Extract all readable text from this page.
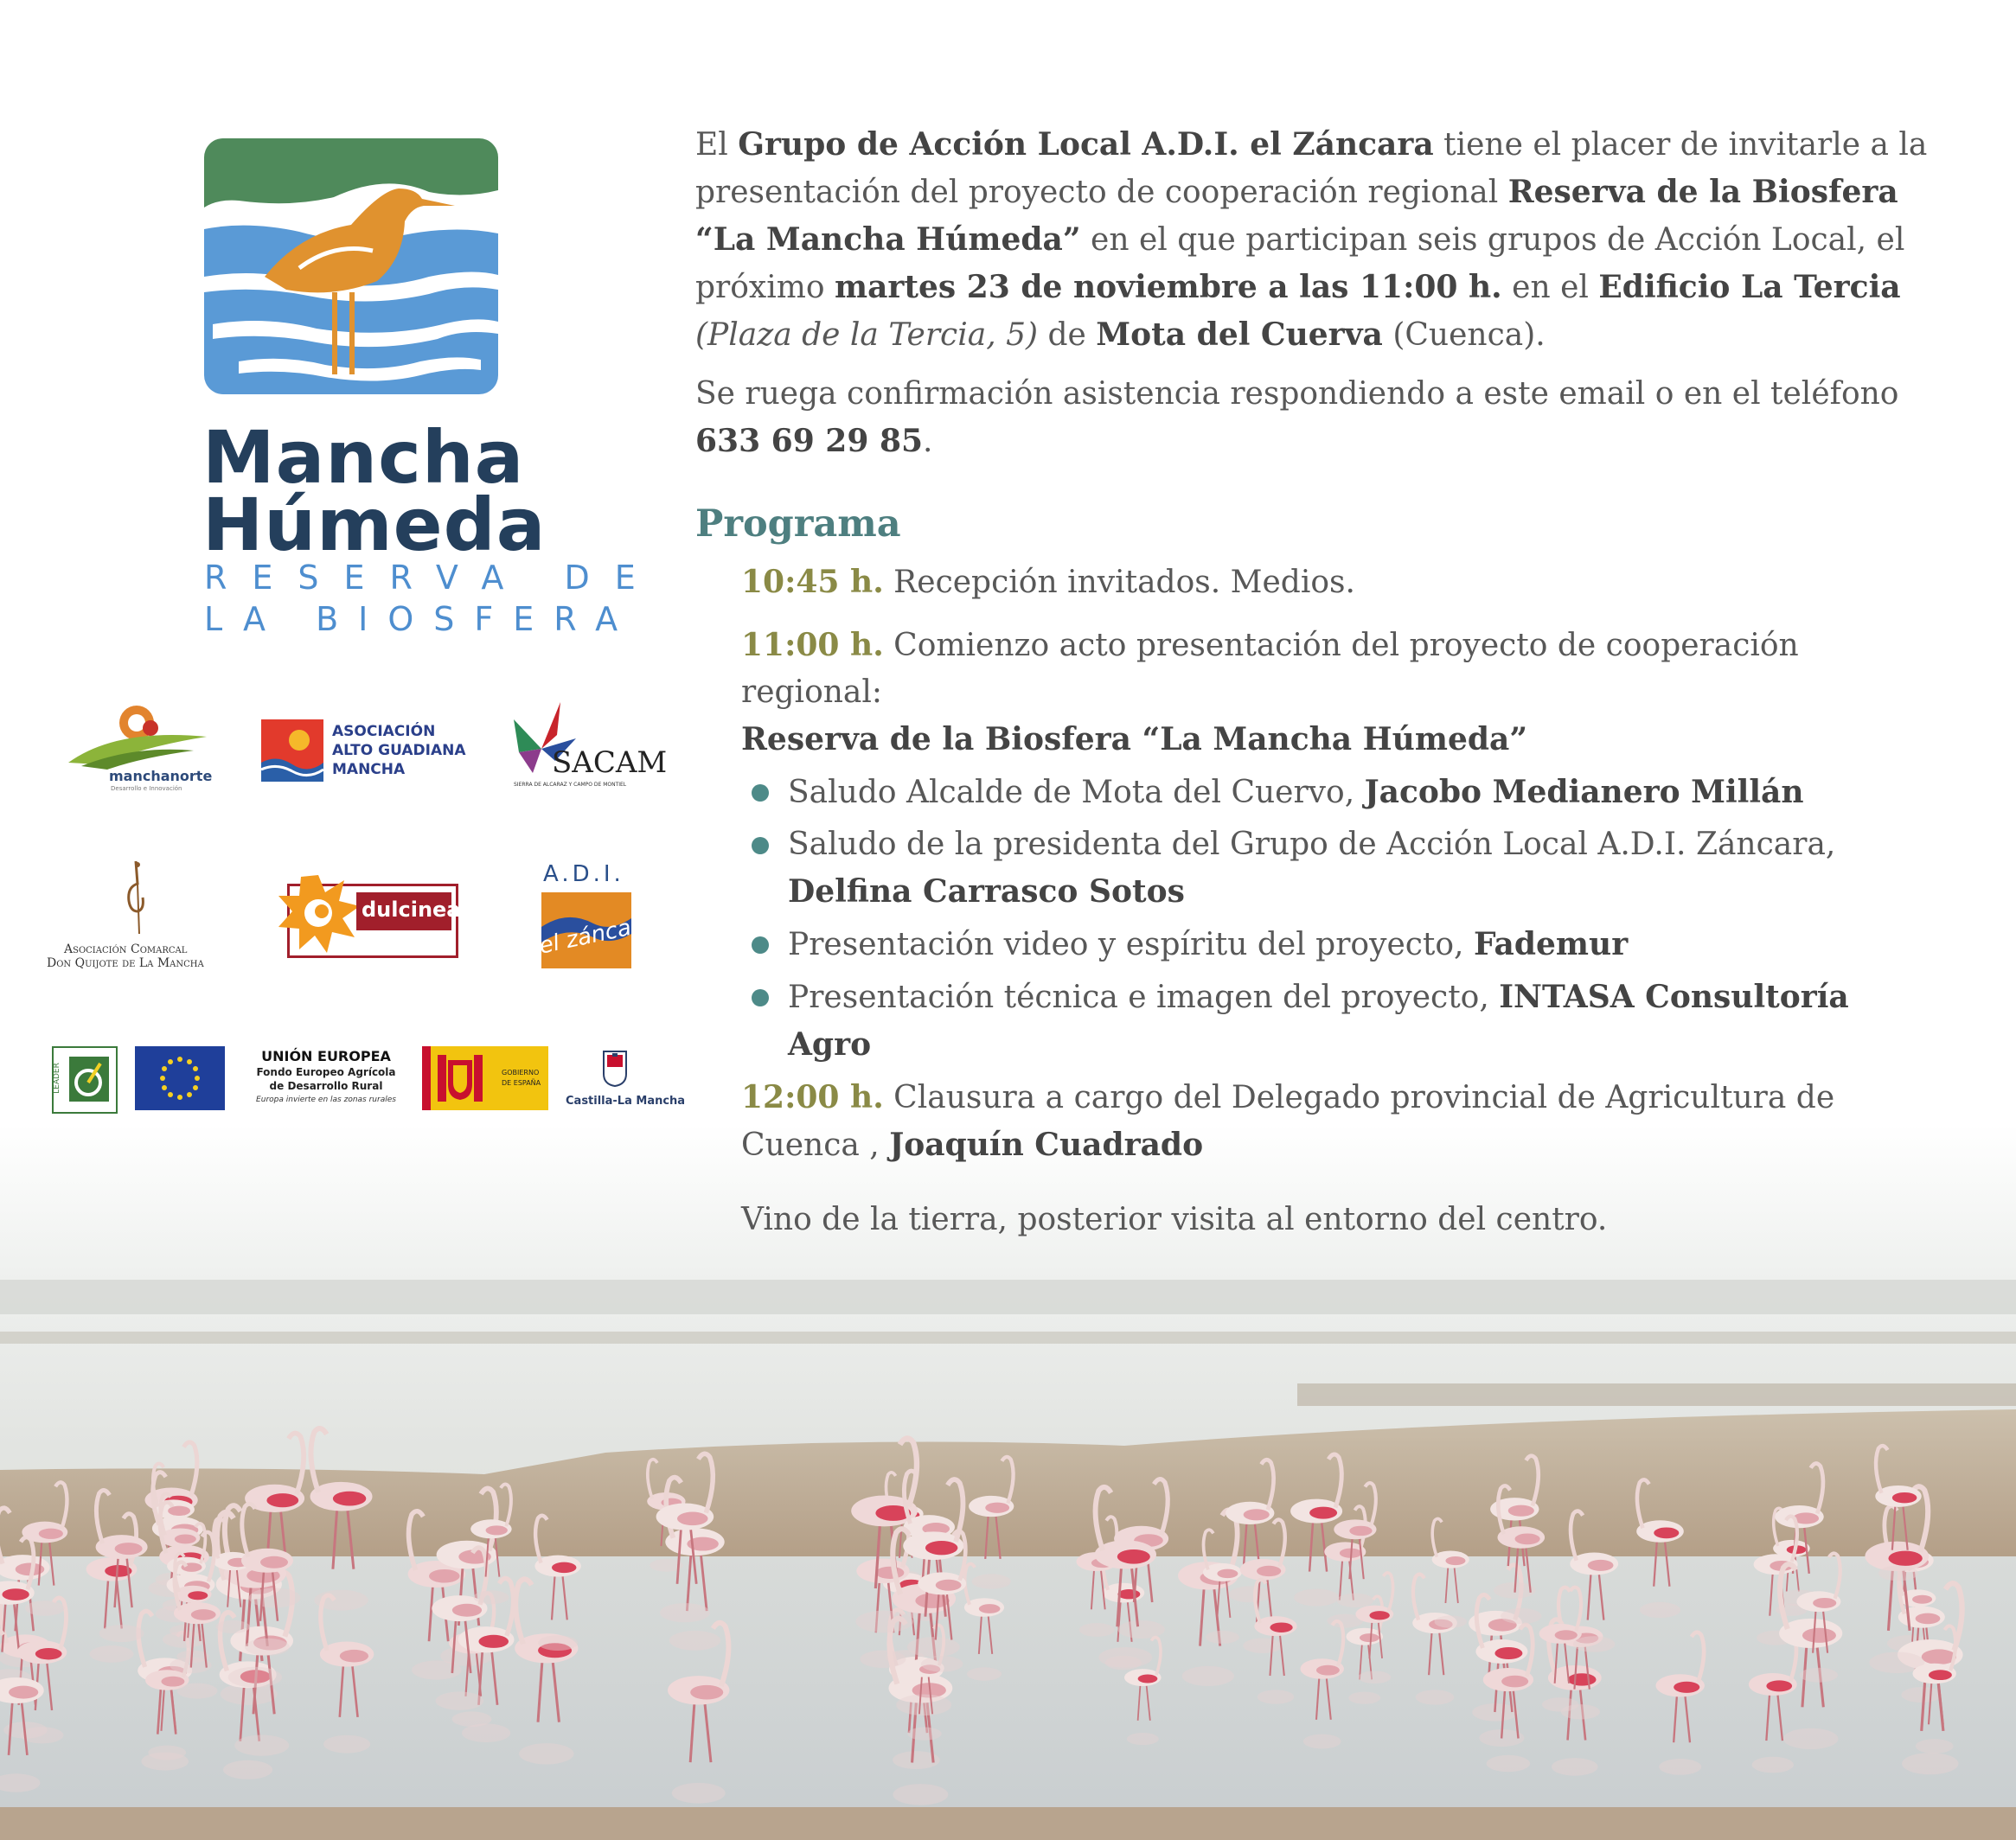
Mancha
Húmeda
RESERVA DE
LA BIOSFERA
manchanorte
Desarrollo e Innovación
ASOCIACIÓN
ALTO GUADIANA
MANCHA	SACAM
SIERRA DE ALCARAZ Y CAMPO DE MONTIEL
Asociación Comarcal
Don Quijote de La Mancha
dulcinea
A.D.I.
el záncara
LEADER
UNIÓN EUROPEA
Fondo Europeo Agrícola
de Desarrollo Rural
Europa invierte en las zonas rurales
GOBIERNO
DE ESPAÑA
Castilla-La Mancha

El Grupo de Acción Local A.D.I. el Záncara tiene el placer de invitarle a la presentación del proyecto de cooperación regional Reserva de la Biosfera “La Mancha Húmeda” en el que participan seis grupos de Acción Local, el próximo martes 23 de noviembre a las 11:00 h. en el Edificio La Tercia (Plaza de la Tercia, 5) de Mota del Cuerva (Cuenca).

Se ruega confirmación asistencia respondiendo a este email o en el teléfono 633 69 29 85.

Programa

10:45 h. Recepción invitados. Medios.

11:00 h. Comienzo acto presentación del proyecto de cooperación regional:

Reserva de la Biosfera “La Mancha Húmeda”

Saludo Alcalde de Mota del Cuervo, Jacobo Medianero Millán
Saludo de la presidenta del Grupo de Acción Local A.D.I. Záncara, Delfina Carrasco Sotos
Presentación video y espíritu del proyecto, Fademur
Presentación técnica e imagen del proyecto, INTASA Consultoría Agro

12:00 h. Clausura a cargo del Delegado provincial de Agricultura de Cuenca , Joaquín Cuadrado

Vino de la tierra, posterior visita al entorno del centro.
